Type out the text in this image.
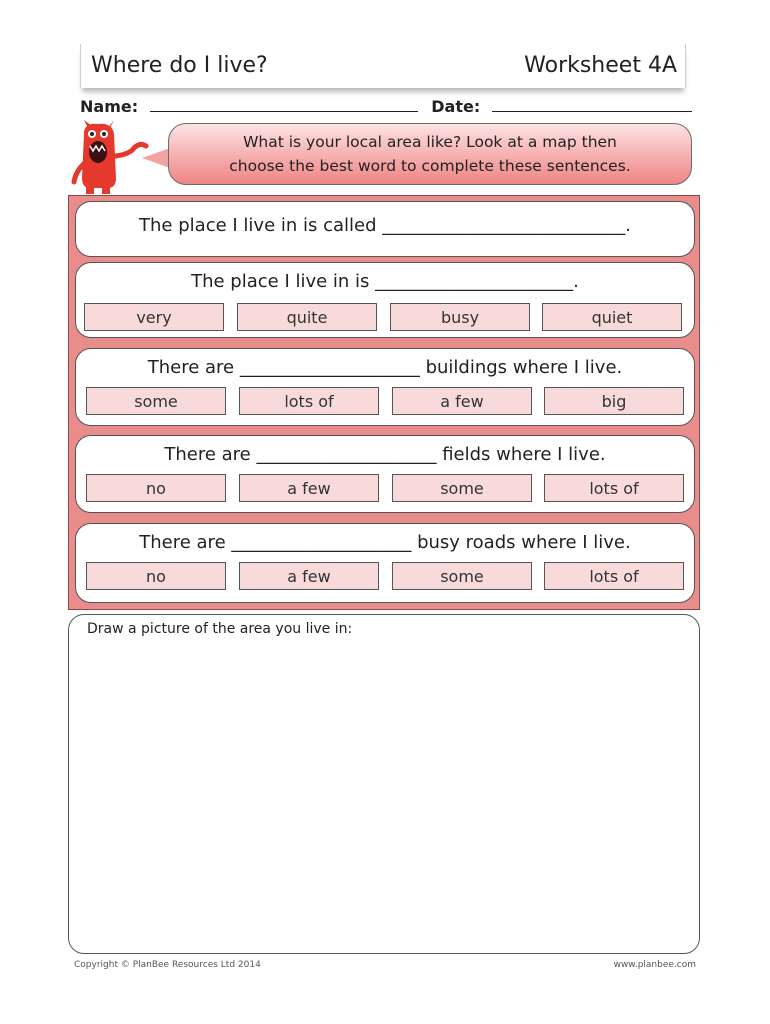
Where do I live?	Worksheet 4A
Name:	Date:
What is your local area like? Look at a map then
choose the best word to complete these sentences.
The place I live in is called ___________________________.
The place I live in is ______________________.
very	quite	busy	quiet
There are ____________________ buildings where I live.
some	lots of	a few	big
There are ____________________ fields where I live.
no	a few	some	lots of
There are ____________________ busy roads where I live.
no	a few	some	lots of
Draw a picture of the area you live in:
Copyright © PlanBee Resources Ltd 2014	www.planbee.com
